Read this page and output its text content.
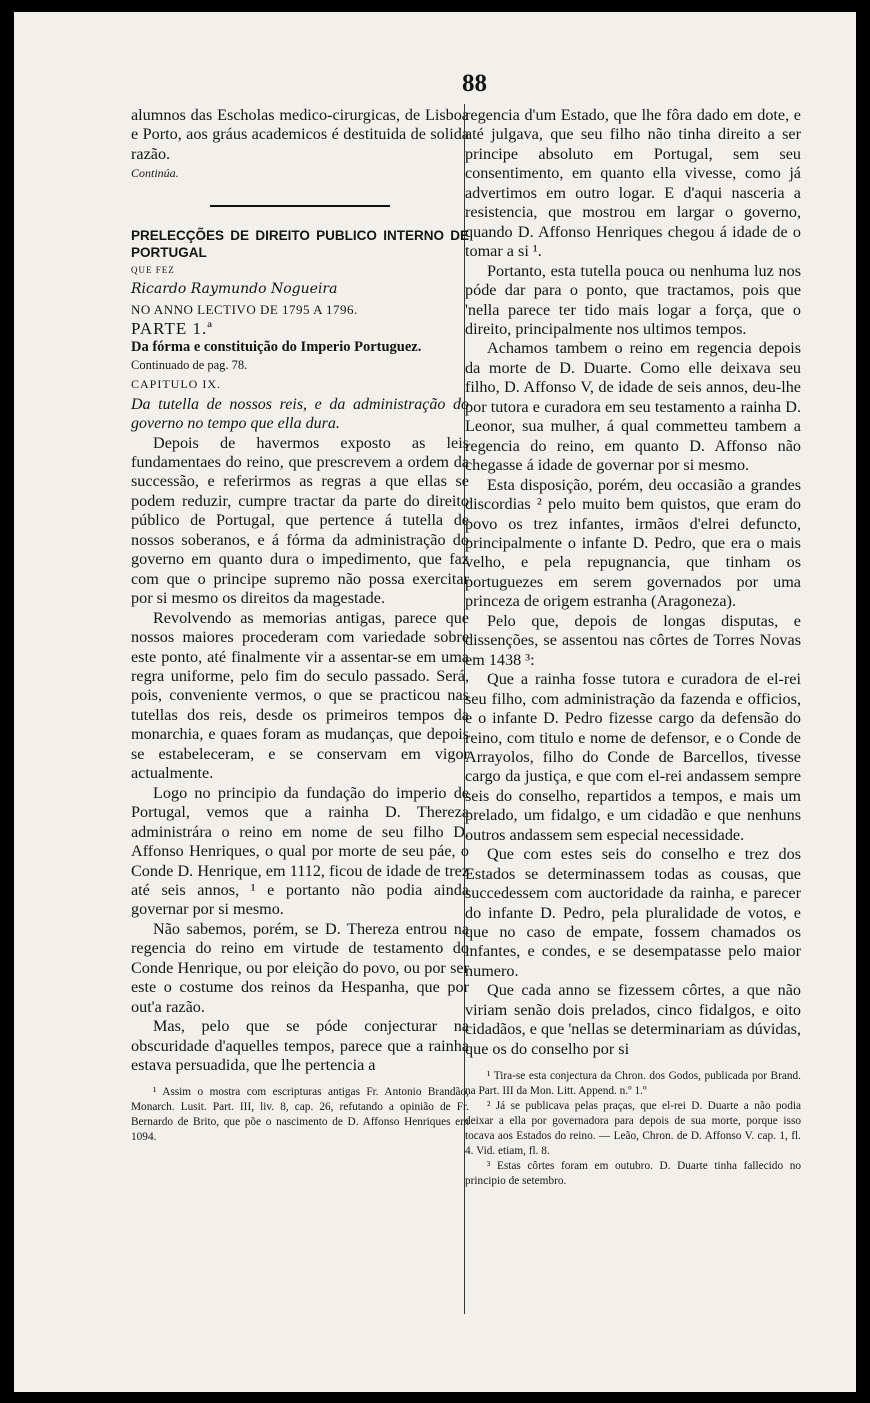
88

alumnos das Escholas medico-cirurgicas, de Lisboa e Porto, aos gráus academicos é destituida de solida razão.

Continúa.

PRELECÇÕES DE DIREITO PUBLICO INTERNO DE PORTUGAL

QUE FEZ

Ricardo Raymundo Nogueira

NO ANNO LECTIVO DE 1795 A 1796.

PARTE 1.ª

Da fórma e constituição do Imperio Portuguez.

Continuado de pag. 78.

CAPITULO IX.

Da tutella de nossos reis, e da administração do governo no tempo que ella dura.

Depois de havermos exposto as leis fundamentaes do reino, que prescrevem a ordem da successão, e referirmos as regras a que ellas se podem reduzir, cumpre tractar da parte do direito público de Portugal, que pertence á tutella de nossos soberanos, e á fórma da administração do governo em quanto dura o impedimento, que faz com que o principe supremo não possa exercitar por si mesmo os direitos da magestade.

Revolvendo as memorias antigas, parece que nossos maiores procederam com variedade sobre este ponto, até finalmente vir a assentar-se em uma regra uniforme, pelo fim do seculo passado. Será, pois, conveniente vermos, o que se practicou nas tutellas dos reis, desde os primeiros tempos da monarchia, e quaes foram as mudanças, que depois se estabeleceram, e se conservam em vigor actualmente.

Logo no principio da fundação do imperio de Portugal, vemos que a rainha D. Thereza administrára o reino em nome de seu filho D. Affonso Henriques, o qual por morte de seu páe, o Conde D. Henrique, em 1112, ficou de idade de trez até seis annos, ¹ e portanto não podia ainda governar por si mesmo.

Não sabemos, porém, se D. Thereza entrou na regencia do reino em virtude de testamento do Conde Henrique, ou por eleição do povo, ou por ser este o costume dos reinos da Hespanha, que por out'a razão.

Mas, pelo que se póde conjecturar na obscuridade d'aquelles tempos, parece que a rainha estava persuadida, que lhe pertencia a

¹ Assim o mostra com escripturas antigas Fr. Antonio Brandão, Monarch. Lusit. Part. III, liv. 8, cap. 26, refutando a opinião de Fr. Bernardo de Brito, que põe o nascimento de D. Affonso Henriques em 1094.

regencia d'um Estado, que lhe fôra dado em dote, e até julgava, que seu filho não tinha direito a ser principe absoluto em Portugal, sem seu consentimento, em quanto ella vivesse, como já advertimos em outro logar. E d'aqui nasceria a resistencia, que mostrou em largar o governo, quando D. Affonso Henriques chegou á idade de o tomar a si ¹.

Portanto, esta tutella pouca ou nenhuma luz nos póde dar para o ponto, que tractamos, pois que 'nella parece ter tido mais logar a força, que o direito, principalmente nos ultimos tempos.

Achamos tambem o reino em regencia depois da morte de D. Duarte. Como elle deixava seu filho, D. Affonso V, de idade de seis annos, deu-lhe por tutora e curadora em seu testamento a rainha D. Leonor, sua mulher, á qual commetteu tambem a regencia do reino, em quanto D. Affonso não chegasse á idade de governar por si mesmo.

Esta disposição, porém, deu occasião a grandes discordias ² pelo muito bem quistos, que eram do povo os trez infantes, irmãos d'elrei defuncto, principalmente o infante D. Pedro, que era o mais velho, e pela repugnancia, que tinham os portuguezes em serem governados por uma princeza de origem estranha (Aragoneza).

Pelo que, depois de longas disputas, e dissenções, se assentou nas côrtes de Torres Novas em 1438 ³:

Que a rainha fosse tutora e curadora de el-rei seu filho, com administração da fazenda e officios, e o infante D. Pedro fizesse cargo da defensão do reino, com titulo e nome de defensor, e o Conde de Arrayolos, filho do Conde de Barcellos, tivesse cargo da justiça, e que com el-rei andassem sempre seis do conselho, repartidos a tempos, e mais um prelado, um fidalgo, e um cidadão e que nenhuns outros andassem sem especial necessidade.

Que com estes seis do conselho e trez dos Estados se determinassem todas as cousas, que succedessem com auctoridade da rainha, e parecer do infante D. Pedro, pela pluralidade de votos, e que no caso de empate, fossem chamados os infantes, e condes, e se desempatasse pelo maior numero.

Que cada anno se fizessem côrtes, a que não viriam senão dois prelados, cinco fidalgos, e oito cidadãos, e que 'nellas se determinariam as dúvidas, que os do conselho por si

¹ Tira-se esta conjectura da Chron. dos Godos, publicada por Brand. na Part. III da Mon. Litt. Append. n.º 1.º

² Já se publicava pelas praças, que el-rei D. Duarte a não podia deixar a ella por governadora para depois de sua morte, porque isso tocava aos Estados do reino. — Leão, Chron. de D. Affonso V. cap. 1, fl. 4. Vid. etiam, fl. 8.

³ Estas côrtes foram em outubro. D. Duarte tinha fallecido no principio de setembro.
